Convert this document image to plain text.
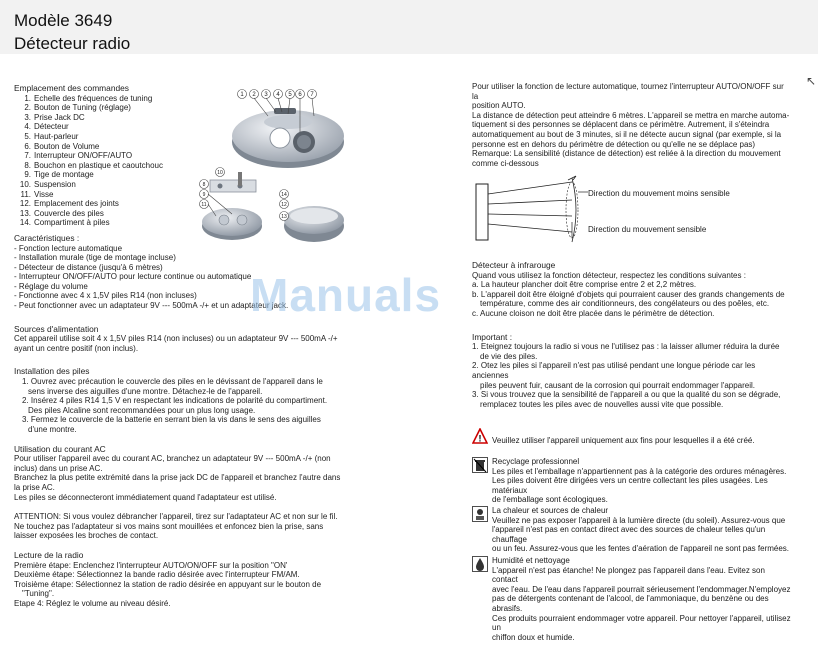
Modèle 3649
Détecteur radio
↖
Emplacement des commandes
1. Echelle des fréquences de tuning
2. Bouton de Tuning (réglage)
3. Prise Jack DC
4. Détecteur
5. Haut-parleur
6. Bouton de Volume
7. Interrupteur ON/OFF/AUTO
8. Bouchon en plastique et caoutchouc
9. Tige de montage
10. Suspension
11. Visse
12. Emplacement des joints
13. Couvercle des piles
14. Compartiment à piles
Caractéristiques :
- Fonction lecture automatique
- Installation murale (tige de montage incluse)
- Détecteur de distance (jusqu'à 6 mètres)
- Interrupteur ON/OFF/AUTO pour lecture continue ou automatique
- Réglage du volume
- Fonctionne avec 4 x 1,5V piles R14 (non incluses)
- Peut fonctionner avec un adaptateur 9V --- 500mA -/+ et un adaptateur jack.
Sources d'alimentation
Cet appareil utilise soit 4 x 1,5V piles R14 (non incluses) ou un adaptateur 9V --- 500mA -/+
ayant un centre positif (non inclus).
Installation des piles
1. Ouvrez avec précaution le couvercle des piles en le dévissant de l'appareil dans le
sens inverse des aiguilles d'une montre. Détachez-le de l'appareil.
2. Insérez 4 piles R14 1,5 V en respectant les indications de polarité du compartiment.
Des piles Alcaline sont recommandées pour un plus long usage.
3. Fermez le couvercle de la batterie en serrant bien la vis dans le sens des aiguilles
d'une montre.
Utilisation du courant AC
Pour utiliser l'appareil avec du courant AC, branchez un adaptateur 9V --- 500mA -/+ (non
inclus) dans un prise AC.
Branchez la plus petite extrémité dans la prise jack DC de l'appareil et branchez l'autre dans
la prise AC.
Les piles se déconnecteront immédiatement quand l'adaptateur est utilisé.
ATTENTION: Si vous voulez débrancher l'appareil, tirez sur l'adaptateur AC et non sur le fil.
Ne touchez pas l'adaptateur si vos mains sont mouillées et enfoncez bien la prise, sans
laisser exposées les broches de contact.
Lecture de la radio
Première étape: Enclenchez l'interrupteur AUTO/ON/OFF sur la position "ON'
Deuxième étape: Sélectionnez la bande radio désirée avec l'interrupteur FM/AM.
Troisième étape: Sélectionnez la station de radio désirée en appuyant sur le bouton de
"Tuning".
Etape 4: Réglez le volume au niveau désiré.
1 2 3 4 5 6 7
8
9
10
11	12
13
14
Pour utiliser la fonction de lecture automatique, tournez l'interrupteur AUTO/ON/OFF sur la
position AUTO.
La distance de détection peut atteindre 6 mètres. L'appareil se mettra en marche automa-
tiquement si des personnes se déplacent dans ce périmètre. Autrement, il s'éteindra
automatiquement au bout de 3 minutes, si il ne détecte aucun signal (par exemple, si la
personne est en dehors du périmètre de détection ou qu'elle ne se déplace pas)
Remarque: La sensibilité (distance de détection) est reliée à la direction du mouvement
comme ci-dessous
Direction du mouvement moins sensible
Direction du mouvement sensible
Détecteur à infrarouge
Quand vous utilisez la fonction détecteur, respectez les conditions suivantes :
a. La hauteur plancher doit être comprise entre 2 et 2,2 mètres.
b. L'appareil doit être éloigné d'objets qui pourraient causer des grands changements de
température, comme des air conditionneurs, des congélateurs ou des poêles, etc.
c. Aucune cloison ne doit être placée dans le périmètre de détection.
Important :
1. Eteignez toujours la radio si vous ne l'utilisez pas : la laisser allumer réduira la durée
de vie des piles.
2. Otez les piles si l'appareil n'est pas utilisé pendant une longue période car les anciennes
piles peuvent fuir, causant de la corrosion qui pourrait endommager l'appareil.
3. Si vous trouvez que la sensibilité de l'appareil a ou que la qualité du son se dégrade,
remplacez toutes les piles avec de nouvelles aussi vite que possible.
! Veuillez utiliser l'appareil uniquement aux fins pour lesquelles il a été créé.
Recyclage professionnel
Les piles et l'emballage n'appartiennent pas à la catégorie des ordures ménagères.
Les piles doivent être dirigées vers un centre collectant les piles usagées. Les matériaux
de l'emballage sont écologiques.
La chaleur et sources de chaleur
Veuillez ne pas exposer l'appareil à la lumière directe (du soleil). Assurez-vous que
l'appareil n'est pas en contact direct avec des sources de chaleur telles qu'un chauffage
ou un feu. Assurez-vous que les fentes d'aération de l'appareil ne sont pas fermées.
Humidité et nettoyage
L'appareil n'est pas étanche! Ne plongez pas l'appareil dans l'eau. Evitez son contact
avec l'eau. De l'eau dans l'appareil pourrait sérieusement l'endommager.N'employez
pas de détergents contenant de l'alcool, de l'ammoniaque, du benzène ou des abrasifs.
Ces produits pourraient endommager votre appareil. Pour nettoyer l'appareil, utilisez un
chiffon doux et humide.
Manuals
